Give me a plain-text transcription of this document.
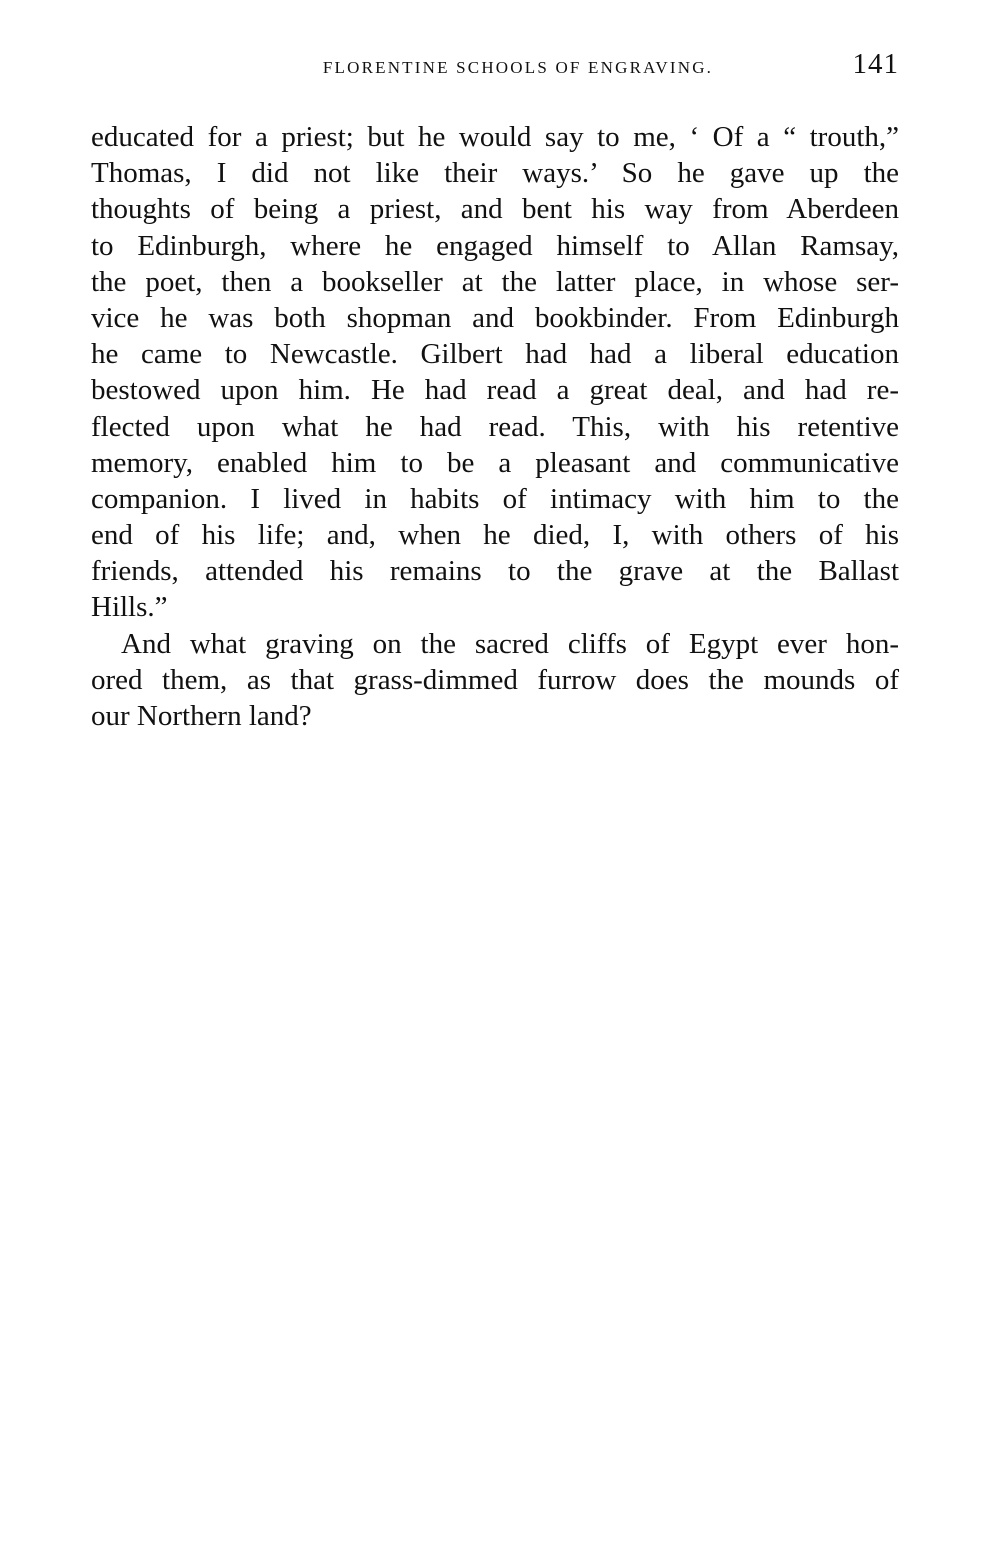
FLORENTINE SCHOOLS OF ENGRAVING.	141
educated for a priest; but he would say to me, ‘ Of a “ trouth,”
Thomas, I did not like their ways.’ So he gave up the
thoughts of being a priest, and bent his way from Aberdeen
to Edinburgh, where he engaged himself to Allan Ramsay,
the poet, then a bookseller at the latter place, in whose ser-
vice he was both shopman and bookbinder. From Edinburgh
he came to Newcastle. Gilbert had had a liberal education
bestowed upon him. He had read a great deal, and had re-
flected upon what he had read. This, with his retentive
memory, enabled him to be a pleasant and communicative
companion. I lived in habits of intimacy with him to the
end of his life; and, when he died, I, with others of his
friends, attended his remains to the grave at the Ballast
Hills.”
And what graving on the sacred cliffs of Egypt ever hon-
ored them, as that grass-dimmed furrow does the mounds of
our Northern land?
